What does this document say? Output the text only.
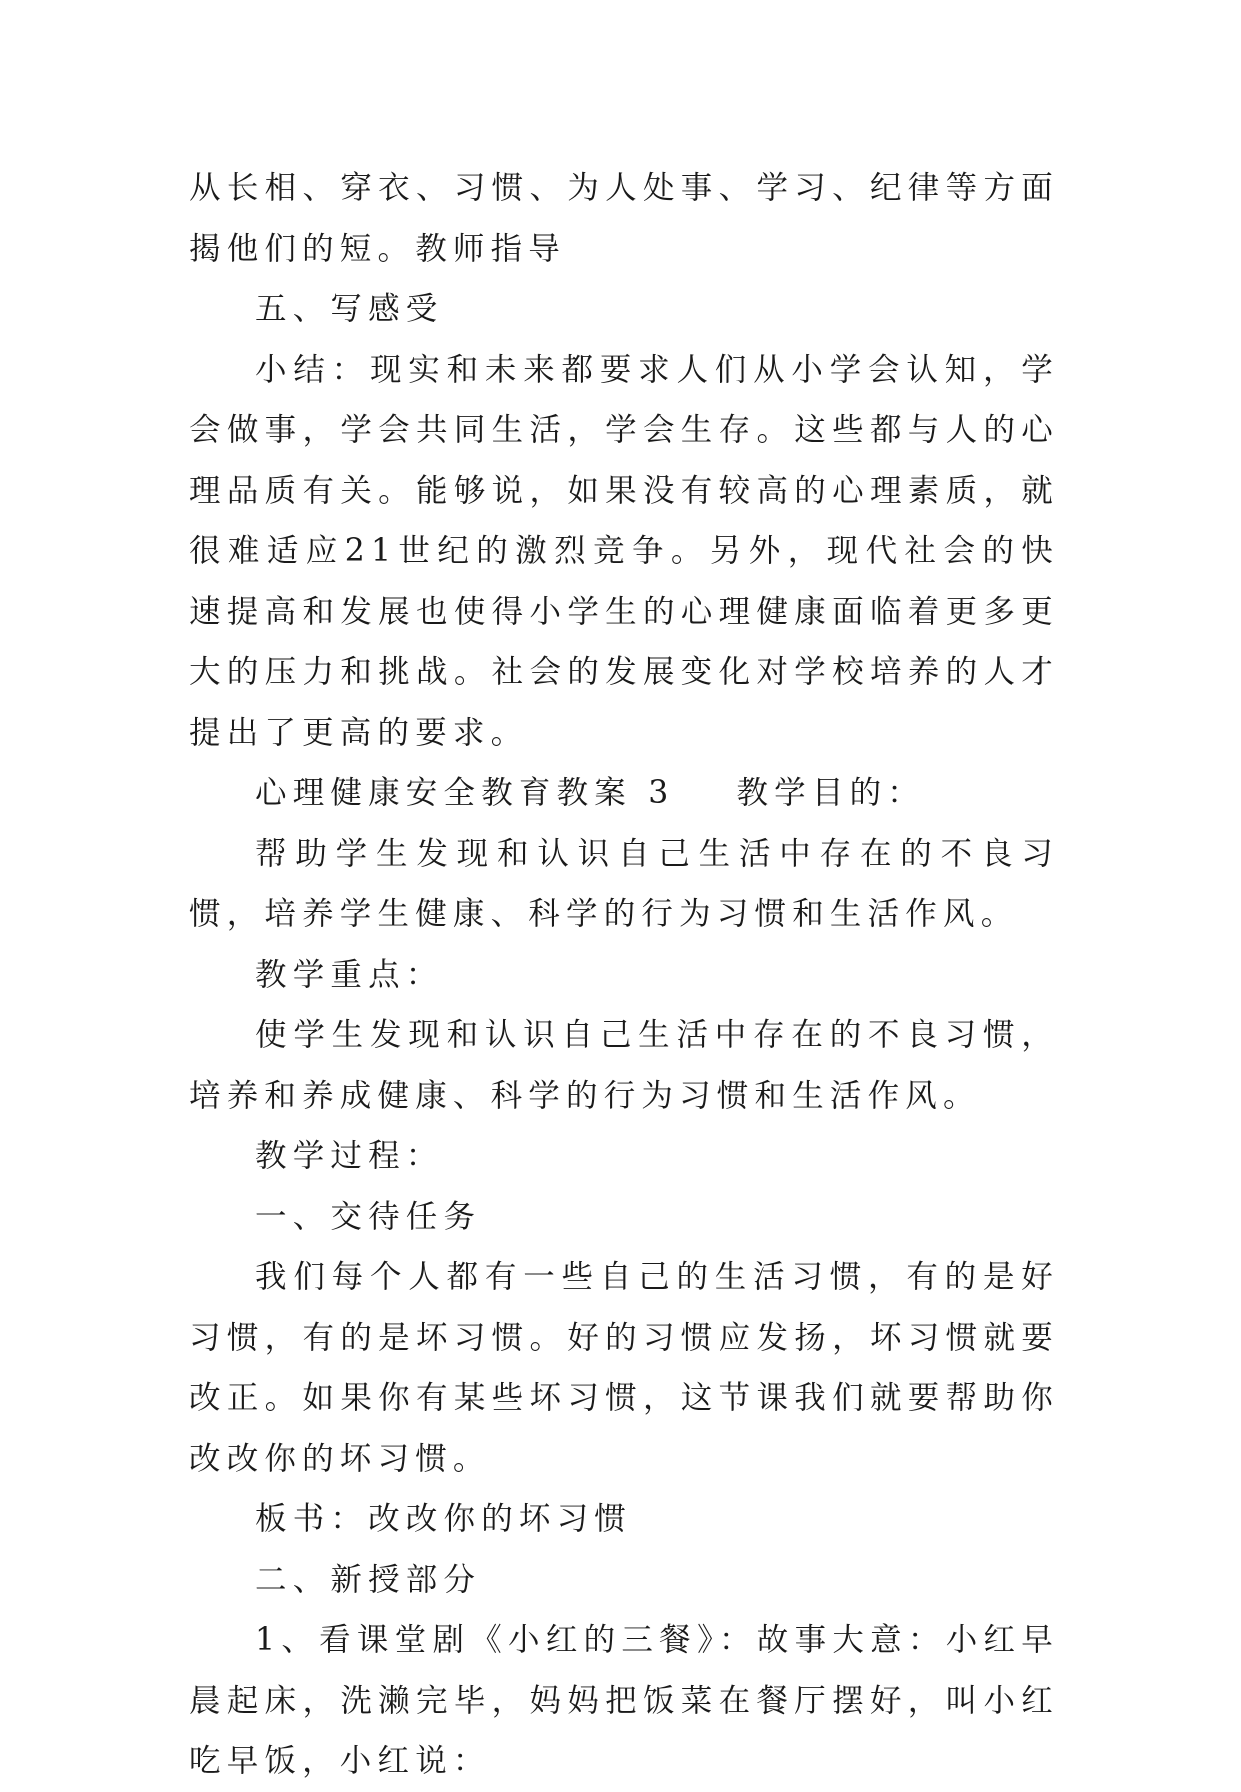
从长相、穿衣、习惯、为人处事、学习、纪律等方面揭他们的短。教师指导

五、写感受

小结：现实和未来都要求人们从小学会认知，学会做事，学会共同生活，学会生存。这些都与人的心理品质有关。能够说，如果没有较高的心理素质，就很难适应21世纪的激烈竞争。另外，现代社会的快速提高和发展也使得小学生的心理健康面临着更多更大的压力和挑战。社会的发展变化对学校培养的人才提出了更高的要求。

心理健康安全教育教案 3 教学目的：

帮助学生发现和认识自己生活中存在的不良习惯，培养学生健康、科学的行为习惯和生活作风。

教学重点：

使学生发现和认识自己生活中存在的不良习惯，培养和养成健康、科学的行为习惯和生活作风。

教学过程：

一、交待任务

我们每个人都有一些自己的生活习惯，有的是好习惯，有的是坏习惯。好的习惯应发扬，坏习惯就要改正。如果你有某些坏习惯，这节课我们就要帮助你改改你的坏习惯。

板书：改改你的坏习惯

二、新授部分

1、看课堂剧《小红的三餐》：故事大意：小红早晨起床，洗濑完毕，妈妈把饭菜在餐厅摆好，叫小红吃早饭，小红说：
